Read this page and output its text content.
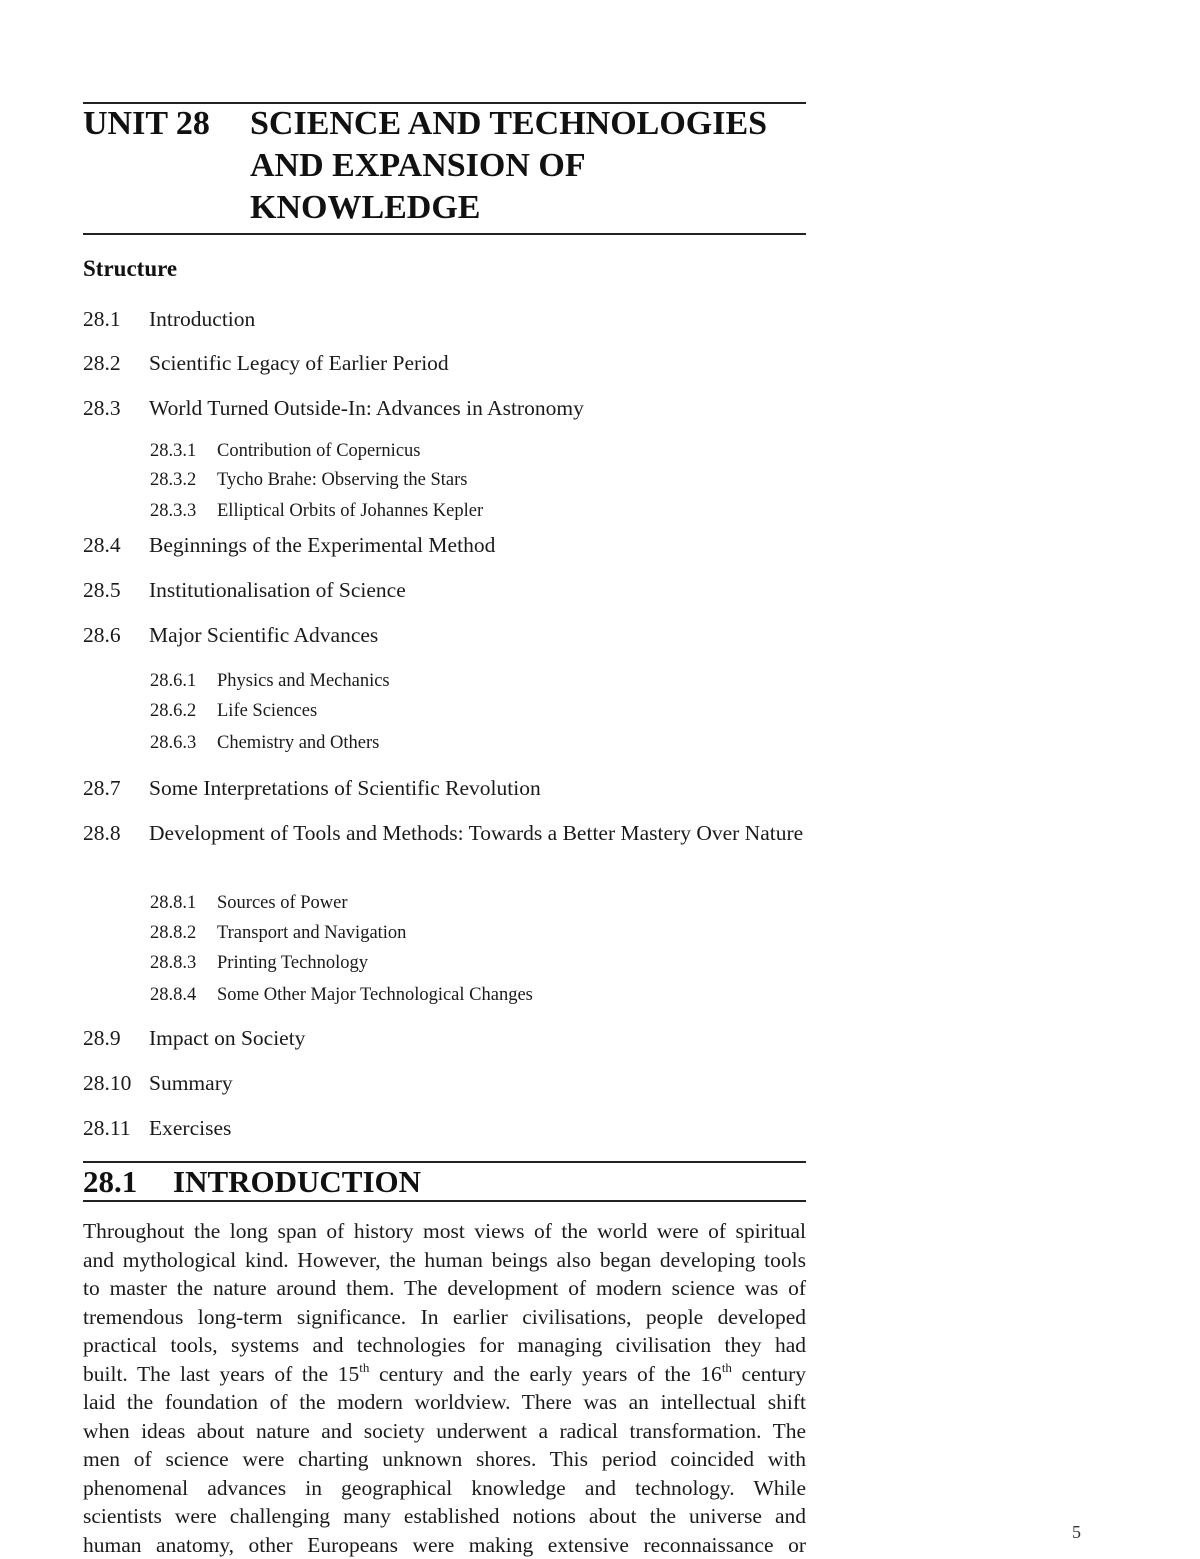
UNIT 28 SCIENCE AND TECHNOLOGIES
AND EXPANSION OF
KNOWLEDGE
Structure
28.1 Introduction
28.2 Scientific Legacy of Earlier Period
28.3 World Turned Outside-In: Advances in Astronomy
28.3.1 Contribution of Copernicus
28.3.2 Tycho Brahe: Observing the Stars
28.3.3 Elliptical Orbits of Johannes Kepler
28.4 Beginnings of the Experimental Method
28.5 Institutionalisation of Science
28.6 Major Scientific Advances
28.6.1 Physics and Mechanics
28.6.2 Life Sciences
28.6.3 Chemistry and Others
28.7 Some Interpretations of Scientific Revolution
28.8 Development of Tools and Methods: Towards a Better Mastery Over Nature
28.8.1 Sources of Power
28.8.2 Transport and Navigation
28.8.3 Printing Technology
28.8.4 Some Other Major Technological Changes
28.9 Impact on Society
28.10 Summary
28.11 Exercises
28.1 INTRODUCTION
Throughout the long span of history most views of the world were of spiritual
and mythological kind. However, the human beings also began developing tools
to master the nature around them. The development of modern science was of
tremendous long-term significance. In earlier civilisations, people developed
practical tools, systems and technologies for managing civilisation they had
built. The last years of the 15th century and the early years of the 16th century
laid the foundation of the modern worldview. There was an intellectual shift
when ideas about nature and society underwent a radical transformation. The
men of science were charting unknown shores. This period coincided with
phenomenal advances in geographical knowledge and technology. While
scientists were challenging many established notions about the universe and
human anatomy, other Europeans were making extensive reconnaissance or
5
